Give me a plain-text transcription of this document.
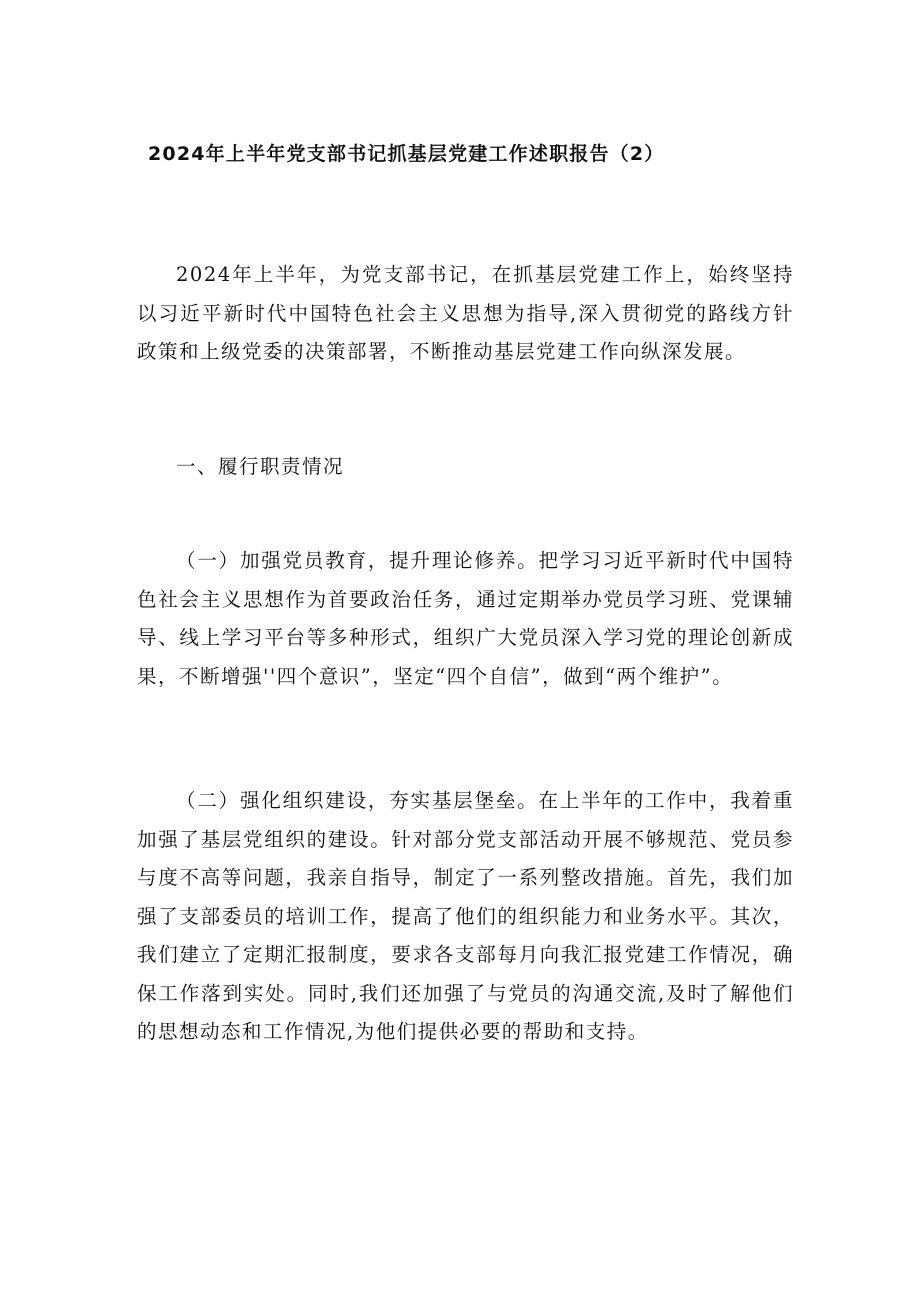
2024年上半年党支部书记抓基层党建工作述职报告（2）

2024年上半年，为党支部书记，在抓基层党建工作上，始终坚持以习近平新时代中国特色社会主义思想为指导,深入贯彻党的路线方针政策和上级党委的决策部署，不断推动基层党建工作向纵深发展。

一、履行职责情况

（一）加强党员教育，提升理论修养。把学习习近平新时代中国特色社会主义思想作为首要政治任务，通过定期举办党员学习班、党课辅导、线上学习平台等多种形式，组织广大党员深入学习党的理论创新成果，不断增强''四个意识”，坚定“四个自信”，做到“两个维护”。

（二）强化组织建设，夯实基层堡垒。在上半年的工作中，我着重加强了基层党组织的建设。针对部分党支部活动开展不够规范、党员参与度不高等问题，我亲自指导，制定了一系列整改措施。首先，我们加强了支部委员的培训工作，提高了他们的组织能力和业务水平。其次，我们建立了定期汇报制度，要求各支部每月向我汇报党建工作情况，确保工作落到实处。同时,我们还加强了与党员的沟通交流,及时了解他们的思想动态和工作情况,为他们提供必要的帮助和支持。
